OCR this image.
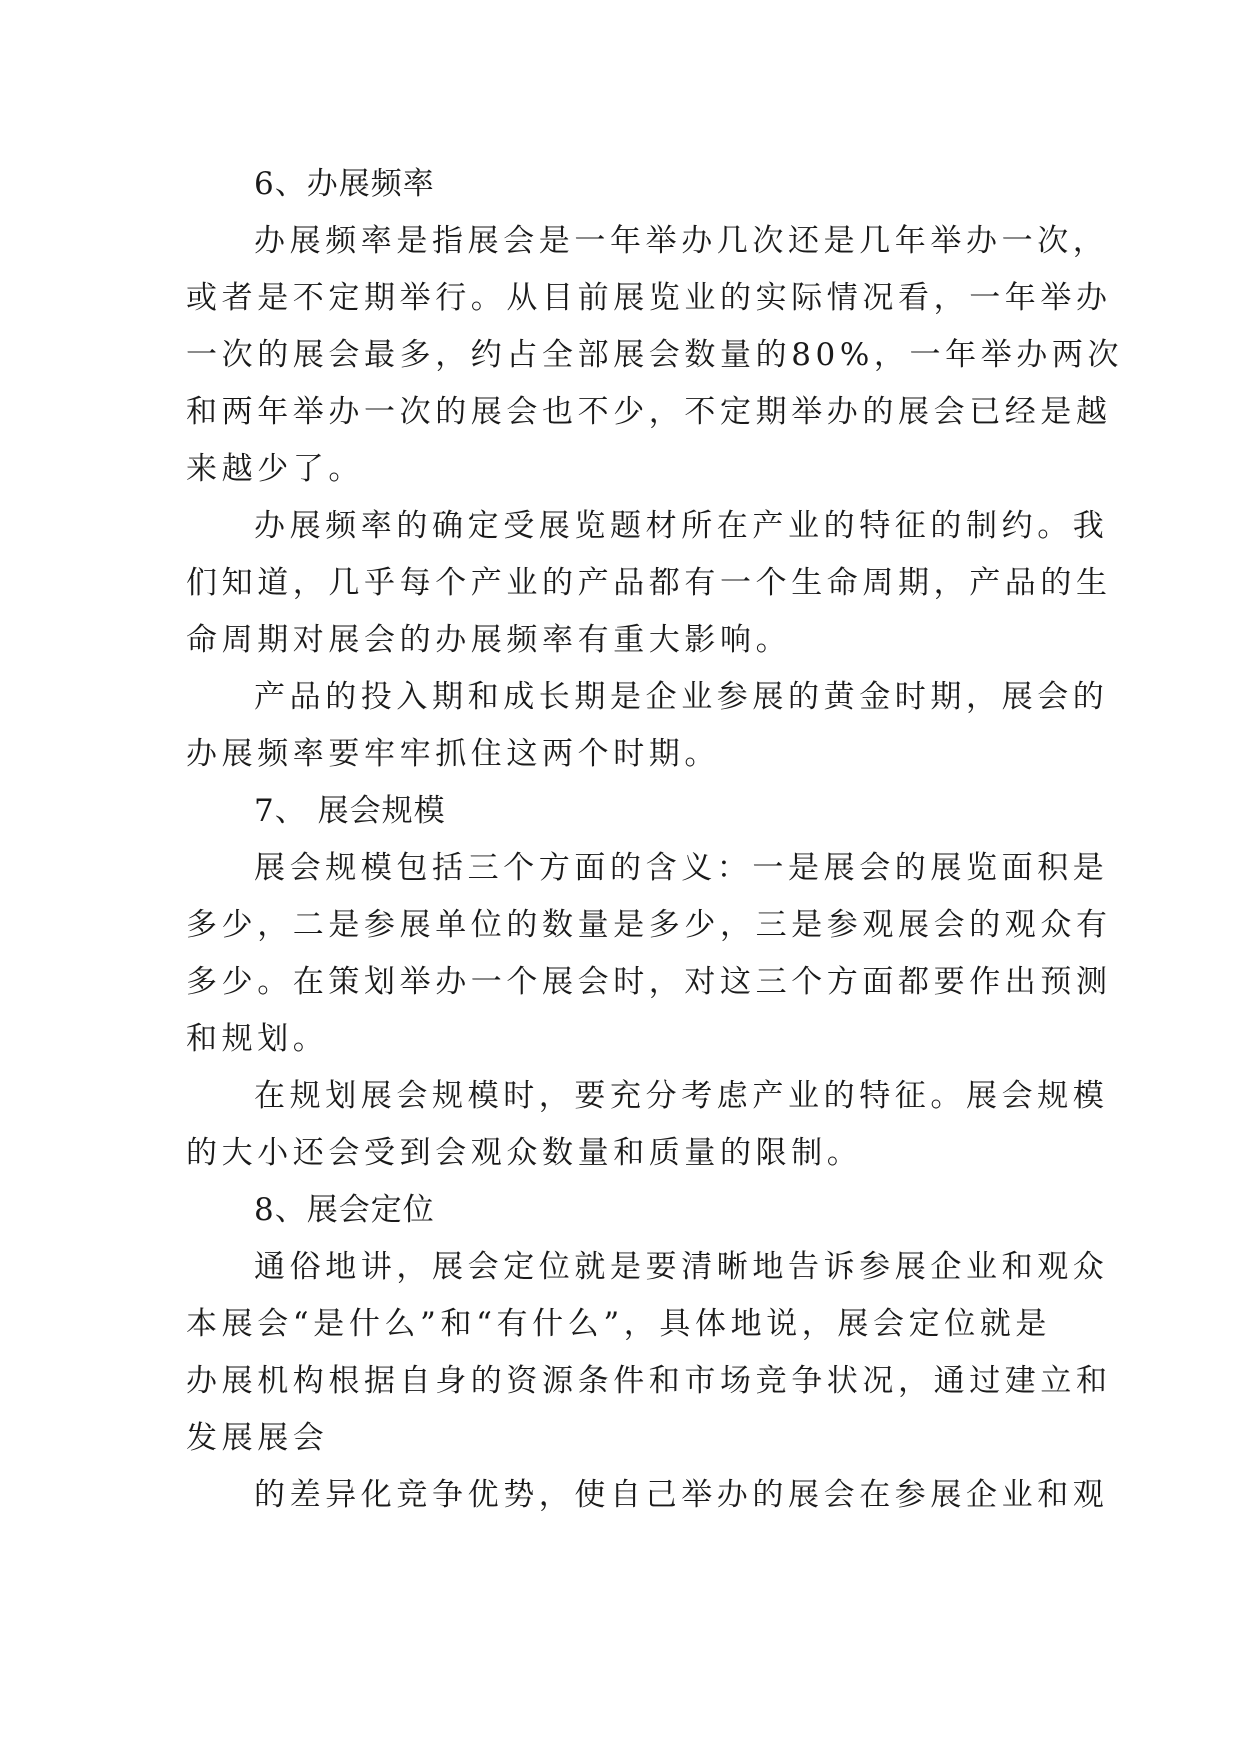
6、办展频率
办展频率是指展会是一年举办几次还是几年举办一次，
或者是不定期举行。从目前展览业的实际情况看，一年举办
一次的展会最多，约占全部展会数量的80%，一年举办两次
和两年举办一次的展会也不少，不定期举办的展会已经是越
来越少了。
办展频率的确定受展览题材所在产业的特征的制约。我
们知道，几乎每个产业的产品都有一个生命周期，产品的生
命周期对展会的办展频率有重大影响。
产品的投入期和成长期是企业参展的黄金时期，展会的
办展频率要牢牢抓住这两个时期。
7、 展会规模
展会规模包括三个方面的含义：一是展会的展览面积是
多少，二是参展单位的数量是多少，三是参观展会的观众有
多少。在策划举办一个展会时，对这三个方面都要作出预测
和规划。
在规划展会规模时，要充分考虑产业的特征。展会规模
的大小还会受到会观众数量和质量的限制。
8、展会定位
通俗地讲，展会定位就是要清晰地告诉参展企业和观众
本展会“是什么”和“有什么”，具体地说，展会定位就是
办展机构根据自身的资源条件和市场竞争状况，通过建立和
发展展会
的差异化竞争优势，使自己举办的展会在参展企业和观
